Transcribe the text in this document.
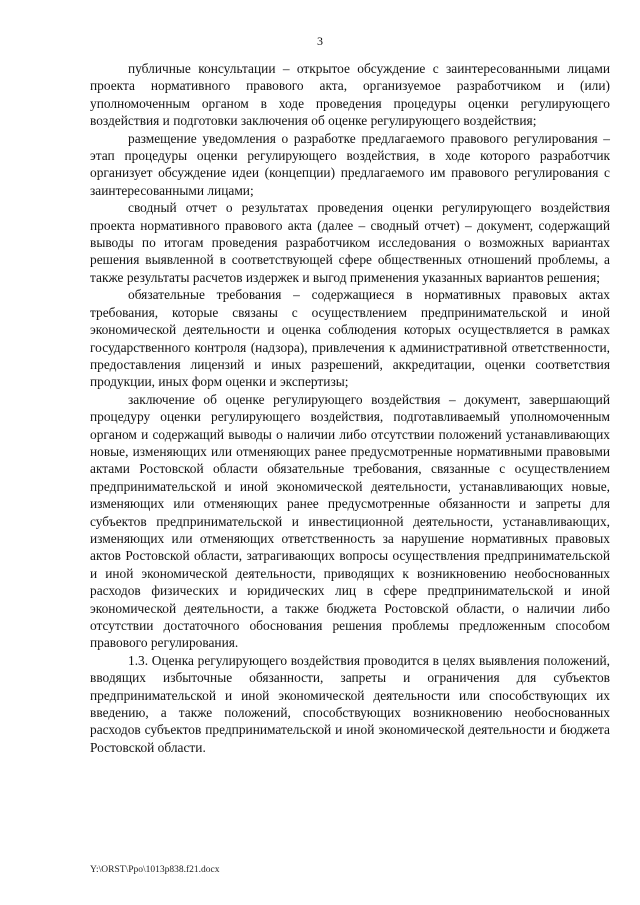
3

публичные консультации – открытое обсуждение с заинтересованными лицами проекта нормативного правового акта, организуемое разработчиком и (или) уполномоченным органом в ходе проведения процедуры оценки регулирующего воздействия и подготовки заключения об оценке регулирующего воздействия;

размещение уведомления о разработке предлагаемого правового регулирования – этап процедуры оценки регулирующего воздействия, в ходе которого разработчик организует обсуждение идеи (концепции) предлагаемого им правового регулирования с заинтересованными лицами;

сводный отчет о результатах проведения оценки регулирующего воздействия проекта нормативного правового акта (далее – сводный отчет) – документ, содержащий выводы по итогам проведения разработчиком исследования о возможных вариантах решения выявленной в соответствующей сфере общественных отношений проблемы, а также результаты расчетов издержек и выгод применения указанных вариантов решения;

обязательные требования – содержащиеся в нормативных правовых актах требования, которые связаны с осуществлением предпринимательской и иной экономической деятельности и оценка соблюдения которых осуществляется в рамках государственного контроля (надзора), привлечения к административной ответственности, предоставления лицензий и иных разрешений, аккредитации, оценки соответствия продукции, иных форм оценки и экспертизы;

заключение об оценке регулирующего воздействия – документ, завершающий процедуру оценки регулирующего воздействия, подготавливаемый уполномоченным органом и содержащий выводы о наличии либо отсутствии положений устанавливающих новые, изменяющих или отменяющих ранее предусмотренные нормативными правовыми актами Ростовской области обязательные требования, связанные с осуществлением предпринимательской и иной экономической деятельности, устанавливающих новые, изменяющих или отменяющих ранее предусмотренные обязанности и запреты для субъектов предпринимательской и инвестиционной деятельности, устанавливающих, изменяющих или отменяющих ответственность за нарушение нормативных правовых актов Ростовской области, затрагивающих вопросы осуществления предпринимательской и иной экономической деятельности, приводящих к возникновению необоснованных расходов физических и юридических лиц в сфере предпринимательской и иной экономической деятельности, а также бюджета Ростовской области, о наличии либо отсутствии достаточного обоснования решения проблемы предложенным способом правового регулирования.

1.3. Оценка регулирующего воздействия проводится в целях выявления положений, вводящих избыточные обязанности, запреты и ограничения для субъектов предпринимательской и иной экономической деятельности или способствующих их введению, а также положений, способствующих возникновению необоснованных расходов субъектов предпринимательской и иной экономической деятельности и бюджета Ростовской области.

Y:\ORST\Ppo\1013p838.f21.docx
